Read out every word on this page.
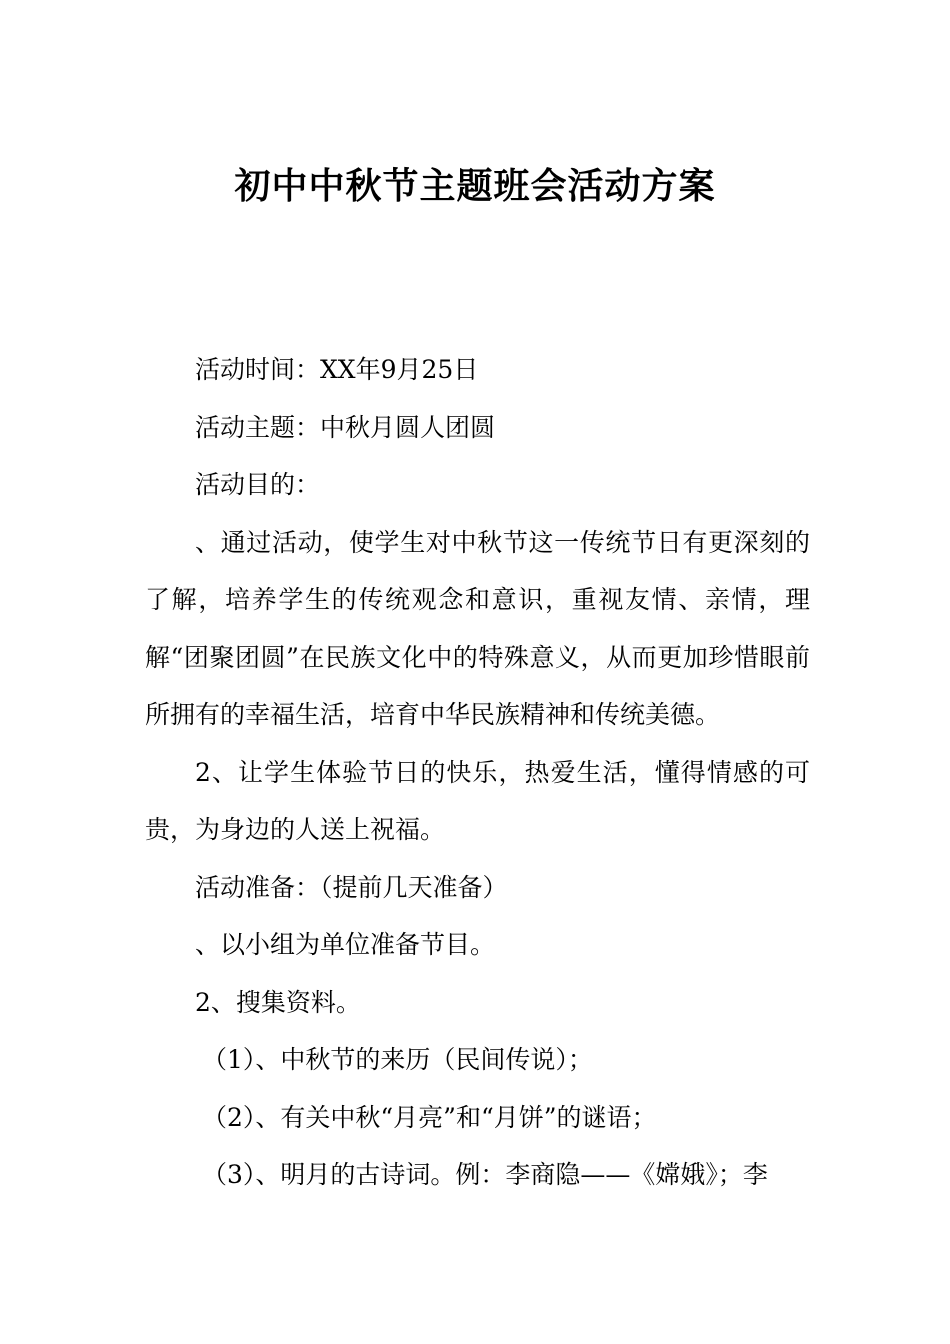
初中中秋节主题班会活动方案

活动时间：XX年9月25日

活动主题：中秋月圆人团圆

活动目的：

、通过活动，使学生对中秋节这一传统节日有更深刻的了解，培养学生的传统观念和意识，重视友情、亲情，理解“团聚团圆”在民族文化中的特殊意义，从而更加珍惜眼前所拥有的幸福生活，培育中华民族精神和传统美德。

2、让学生体验节日的快乐，热爱生活，懂得情感的可贵，为身边的人送上祝福。

活动准备：（提前几天准备）

、以小组为单位准备节目。

2、搜集资料。

（1）、中秋节的来历（民间传说）；

（2）、有关中秋“月亮”和“月饼”的谜语；

（3）、明月的古诗词。例：李商隐——《嫦娥》；李
